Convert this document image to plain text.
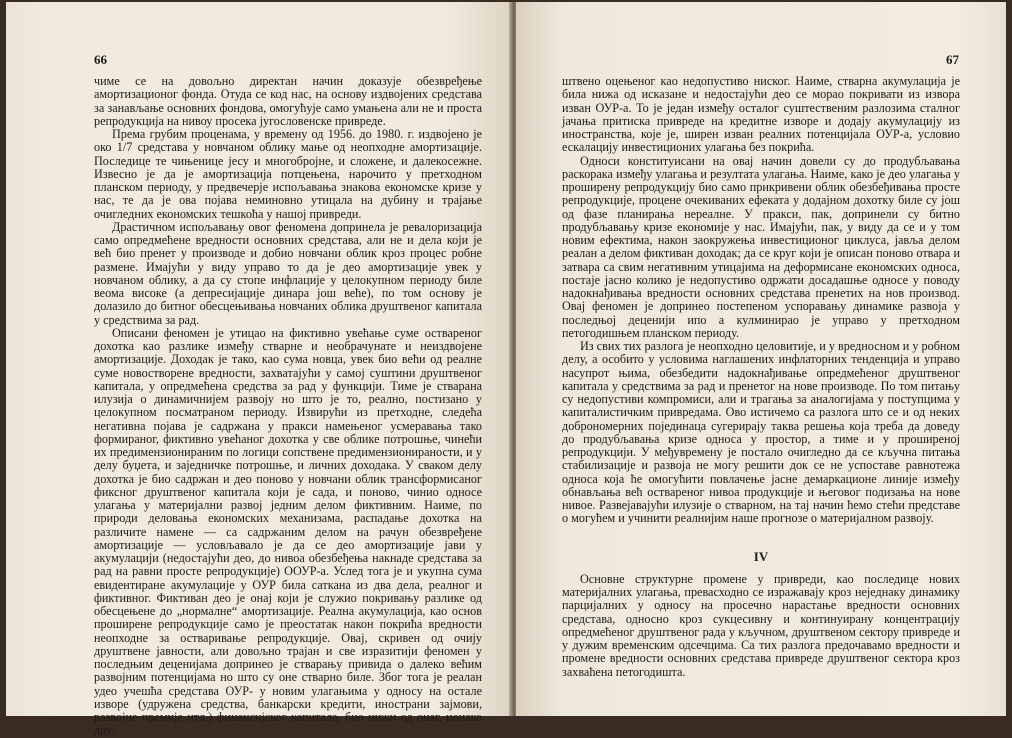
66

чиме се на довољно директан начин доказује обезвређење амортизационог фонда. Отуда се код нас, на основу издвојених средстава за занављање основних фондова, омогућује само умањена али не и проста репродукција на нивоу просека југословенске привреде.

Према грубим проценама, у времену од 1956. до 1980. г. издвојено је око 1/7 средстава у новчаном облику мање од неопходне амортизације. Последице те чињенице јесу и многобројне, и сложене, и далекосежне. Извесно је да је амортизација потцењена, нарочито у претходном планском периоду, у предвечерје испољавања знакова економске кризе у нас, те да је ова појава неминовно утицала на дубину и трајање очигледних економских тешкоћа у нашој привреди.

Драстичном испољавању овог феномена допринела је ревалоризација само опредмећене вредности основних средстава, али не и дела који је већ био пренет у производе и добио новчани облик кроз процес робне размене. Имајући у виду управо то да је део амортизације увек у новчаном облику, а да су стопе инфлације у целокупном периоду биле веома високе (а депресијације динара још веће), по том основу је долазило до битног обесцењивања новчаних облика друштвеног капитала у средствима за рад.

Описани феномен је утицао на фиктивно увећање суме оствареног дохотка као разлике између стварне и необрачунате и неиздвојене амортизације. Доходак је тако, као сума новца, увек био већи од реалне суме новостворене вредности, захватајући у самој суштини друштвеног капитала, у опредмећена средства за рад у функцији. Тиме је стварана илузија о динамичнијем развоју но што је то, реално, постизано у целокупном посматраном периоду. Извирући из претходне, следећа негативна појава је садржана у пракси намењеног усмеравања тако формираног, фиктивно увећаног дохотка у све облике потрошње, чинећи их предимензионираним по логици сопствене предимензионираности, и у делу буџета, и заједничке потрошње, и личних доходака. У сваком делу дохотка је био садржан и део поново у новчани облик трансформисаног фиксног друштвеног капитала који је сада, и поново, чинио односе улагања у материјални развој једним делом фиктивним. Наиме, по природи деловања економских механизама, распадање дохотка на различите намене — са садржаним делом на рачун обезвређене амортизације — условљавало је да се део амортизације јави у акумулацији (недостајући део, до нивоа обезбеђења накнаде средстава за рад на равни просте репродукције) ООУР-а. Услед тога је и укупна сума евидентиране акумулације у ОУР била саткана из два дела, реалног и фиктивног. Фиктиван део је онај који је служио покривању разлике од обесцењене до „нормалне“ амортизације. Реална акумулација, као основ проширене репродукције само је преостатак након покрића вредности неопходне за остваривање репродукције. Овај, скривен од очију друштвене јавности, али довољно трајан и све изразитији феномен у последњим деценијама допринео је стварању привида о далеко већим развојним потенцијама но што су оне стварно биле. Због тога је реалан удео учешћа средстава ОУР- у новим улагањима у односу на остале изворе (удружена средства, банкарски кредити, инострани зајмови, развојне премије итд.) финансијског капитала, био нижи од онаг, ионако дру-

67

штвено оцењеног као недопустиво ниског. Наиме, стварна акумулација је била нижа од исказане и недостајући део се морао покривати из извора изван ОУР-а. То је један између осталог суштественим разлозима сталног јачања притиска привреде на кредитне изворе и додају акумулацију из иностранства, које је, ширен изван реалних потенцијала ОУР-а, условио ескалацију инвестиционих улагања без покрића.

Односи конституисани на овај начин довели су до продубљавања раскорака између улагања и резултата улагања. Наиме, како је део улагања у проширену репродукцију био само прикривени облик обезбеђивања просте репродукције, процене очекиваних ефеката у додајном дохотку биле су још од фазе планирања нереалне. У пракси, пак, допринели су битно продубљавању кризе економије у нас. Имајући, пак, у виду да се и у том новим ефектима, након заокружења инвестиционог циклуса, јавља делом реалан а делом фиктиван доходак; да се круг који је описан поново отвара и затвара са свим негативним утицајима на деформисане економских односа, постаје јасно колико је недопустиво одржати досадашње односе у поводу надокнађивања вредности основних средстава пренетих на нов производ. Овај феномен је допринео постепеном успоравању динамике развоја у последњој деценији ипо а кулминирао је управо у претходном петогодишњем планском периоду.

Из свих тих разлога је неопходно целовитије, и у вредносном и у робном делу, а особито у условима наглашених инфлаторних тенденција и управо насупрот њима, обезбедити надокнађивање опредмећеног друштвеног капитала у средствима за рад и пренетог на нове производе. По том питању су недопустиви компромиси, али и трагања за аналогијама у поступцима у капиталистичким привредама. Ово истичемо са разлога што се и од неких доброномерних појединаца сугерирају таква решења која треба да доведу до продубљавања кризе односа у простор, а тиме и у проширеној репродукцији. У међувремену је постало очигледно да се кључна питања стабилизације и развоја не могу решити док се не успоставе равнотежа односа која ће омогућити повлачење јасне демаркационе линије између обнављања већ оствареног нивоа продукције и његовог подизања на нове нивое. Развејавајући илузије о стварном, на тај начин ћемо стећи представе о могућем и учинити реалнијим наше прогнозе о материјалном развоју.

IV

Основне структурне промене у привреди, као последице нових материјалних улагања, превасходно се изражавају кроз неједнаку динамику парцијалних у односу на просечно нарастање вредности основних средстава, односно кроз сукцесивну и континуирану концентрацију опредмећеног друштвеног рада у кључном, друштвеном сектору привреде и у дужим временским одсечцима. Са тих разлога предочавамо вредности и промене вредности основних средстава привреде друштвеног сектора кроз захваћена петогодишта.
